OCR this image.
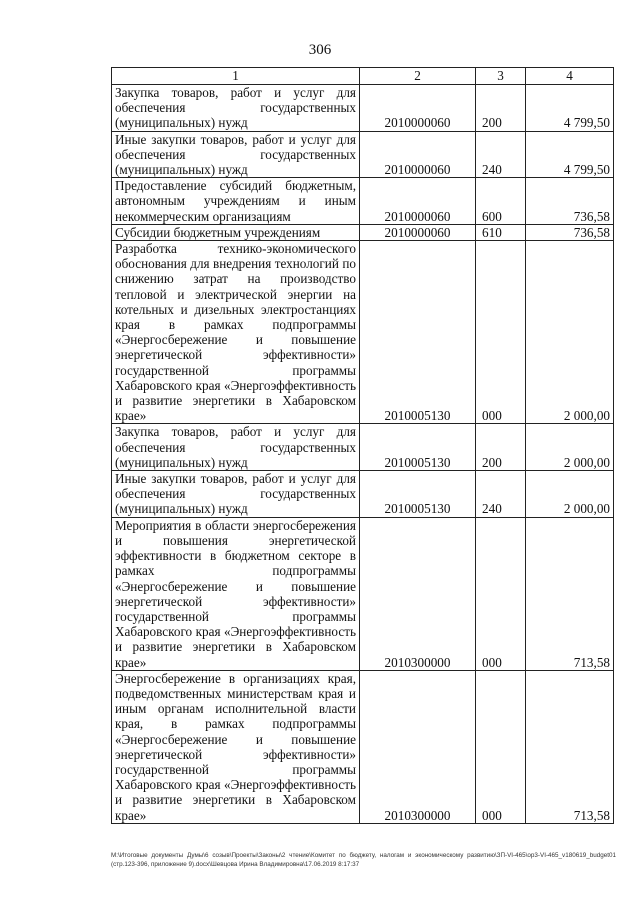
306
1	2	3	4
Закупка товаров, работ и услуг для обеспечения государственных (муниципальных) нужд	2010000060	200	4 799,50
Иные закупки товаров, работ и услуг для обеспечения государственных (муниципальных) нужд	2010000060	240	4 799,50
Предоставление субсидий бюджетным, автономным учреждениям и иным некоммерческим организациям	2010000060	600	736,58
Субсидии бюджетным учреждениям	2010000060	610	736,58
Разработка технико-экономического обоснования для внедрения технологий по снижению затрат на производство тепловой и электрической энергии на котельных и дизельных электростанциях края в рамках подпрограммы «Энергосбережение и повышение энергетической эффективности» государственной программы Хабаровского края «Энергоэффективность и развитие энергетики в Хабаровском крае»	2010005130	000	2 000,00
Закупка товаров, работ и услуг для обеспечения государственных (муниципальных) нужд	2010005130	200	2 000,00
Иные закупки товаров, работ и услуг для обеспечения государственных (муниципальных) нужд	2010005130	240	2 000,00
Мероприятия в области энергосбережения и повышения энергетической эффективности в бюджетном секторе в рамках подпрограммы «Энергосбережение и повышение энергетической эффективности» государственной программы Хабаровского края «Энергоэффективность и развитие энергетики в Хабаровском крае»	2010300000	000	713,58
Энергосбережение в организациях края, подведомственных министерствам края и иным органам исполнительной власти края, в рамках подпрограммы «Энергосбережение и повышение энергетической эффективности» государственной программы Хабаровского края «Энергоэффективность и развитие энергетики в Хабаровском крае»	2010300000	000	713,58
M:\Итоговые документы Думы\6 созыв\Проекты\Законы\2 чтение\Комитет по бюджету, налогам и экономическому развитию\ЗП-VI-465\ор3-VI-465_v180619_budget01 (стр.123-396, приложение 9).docx\Шевцова Ирина Владимировна\17.06.2019 8:17:37
